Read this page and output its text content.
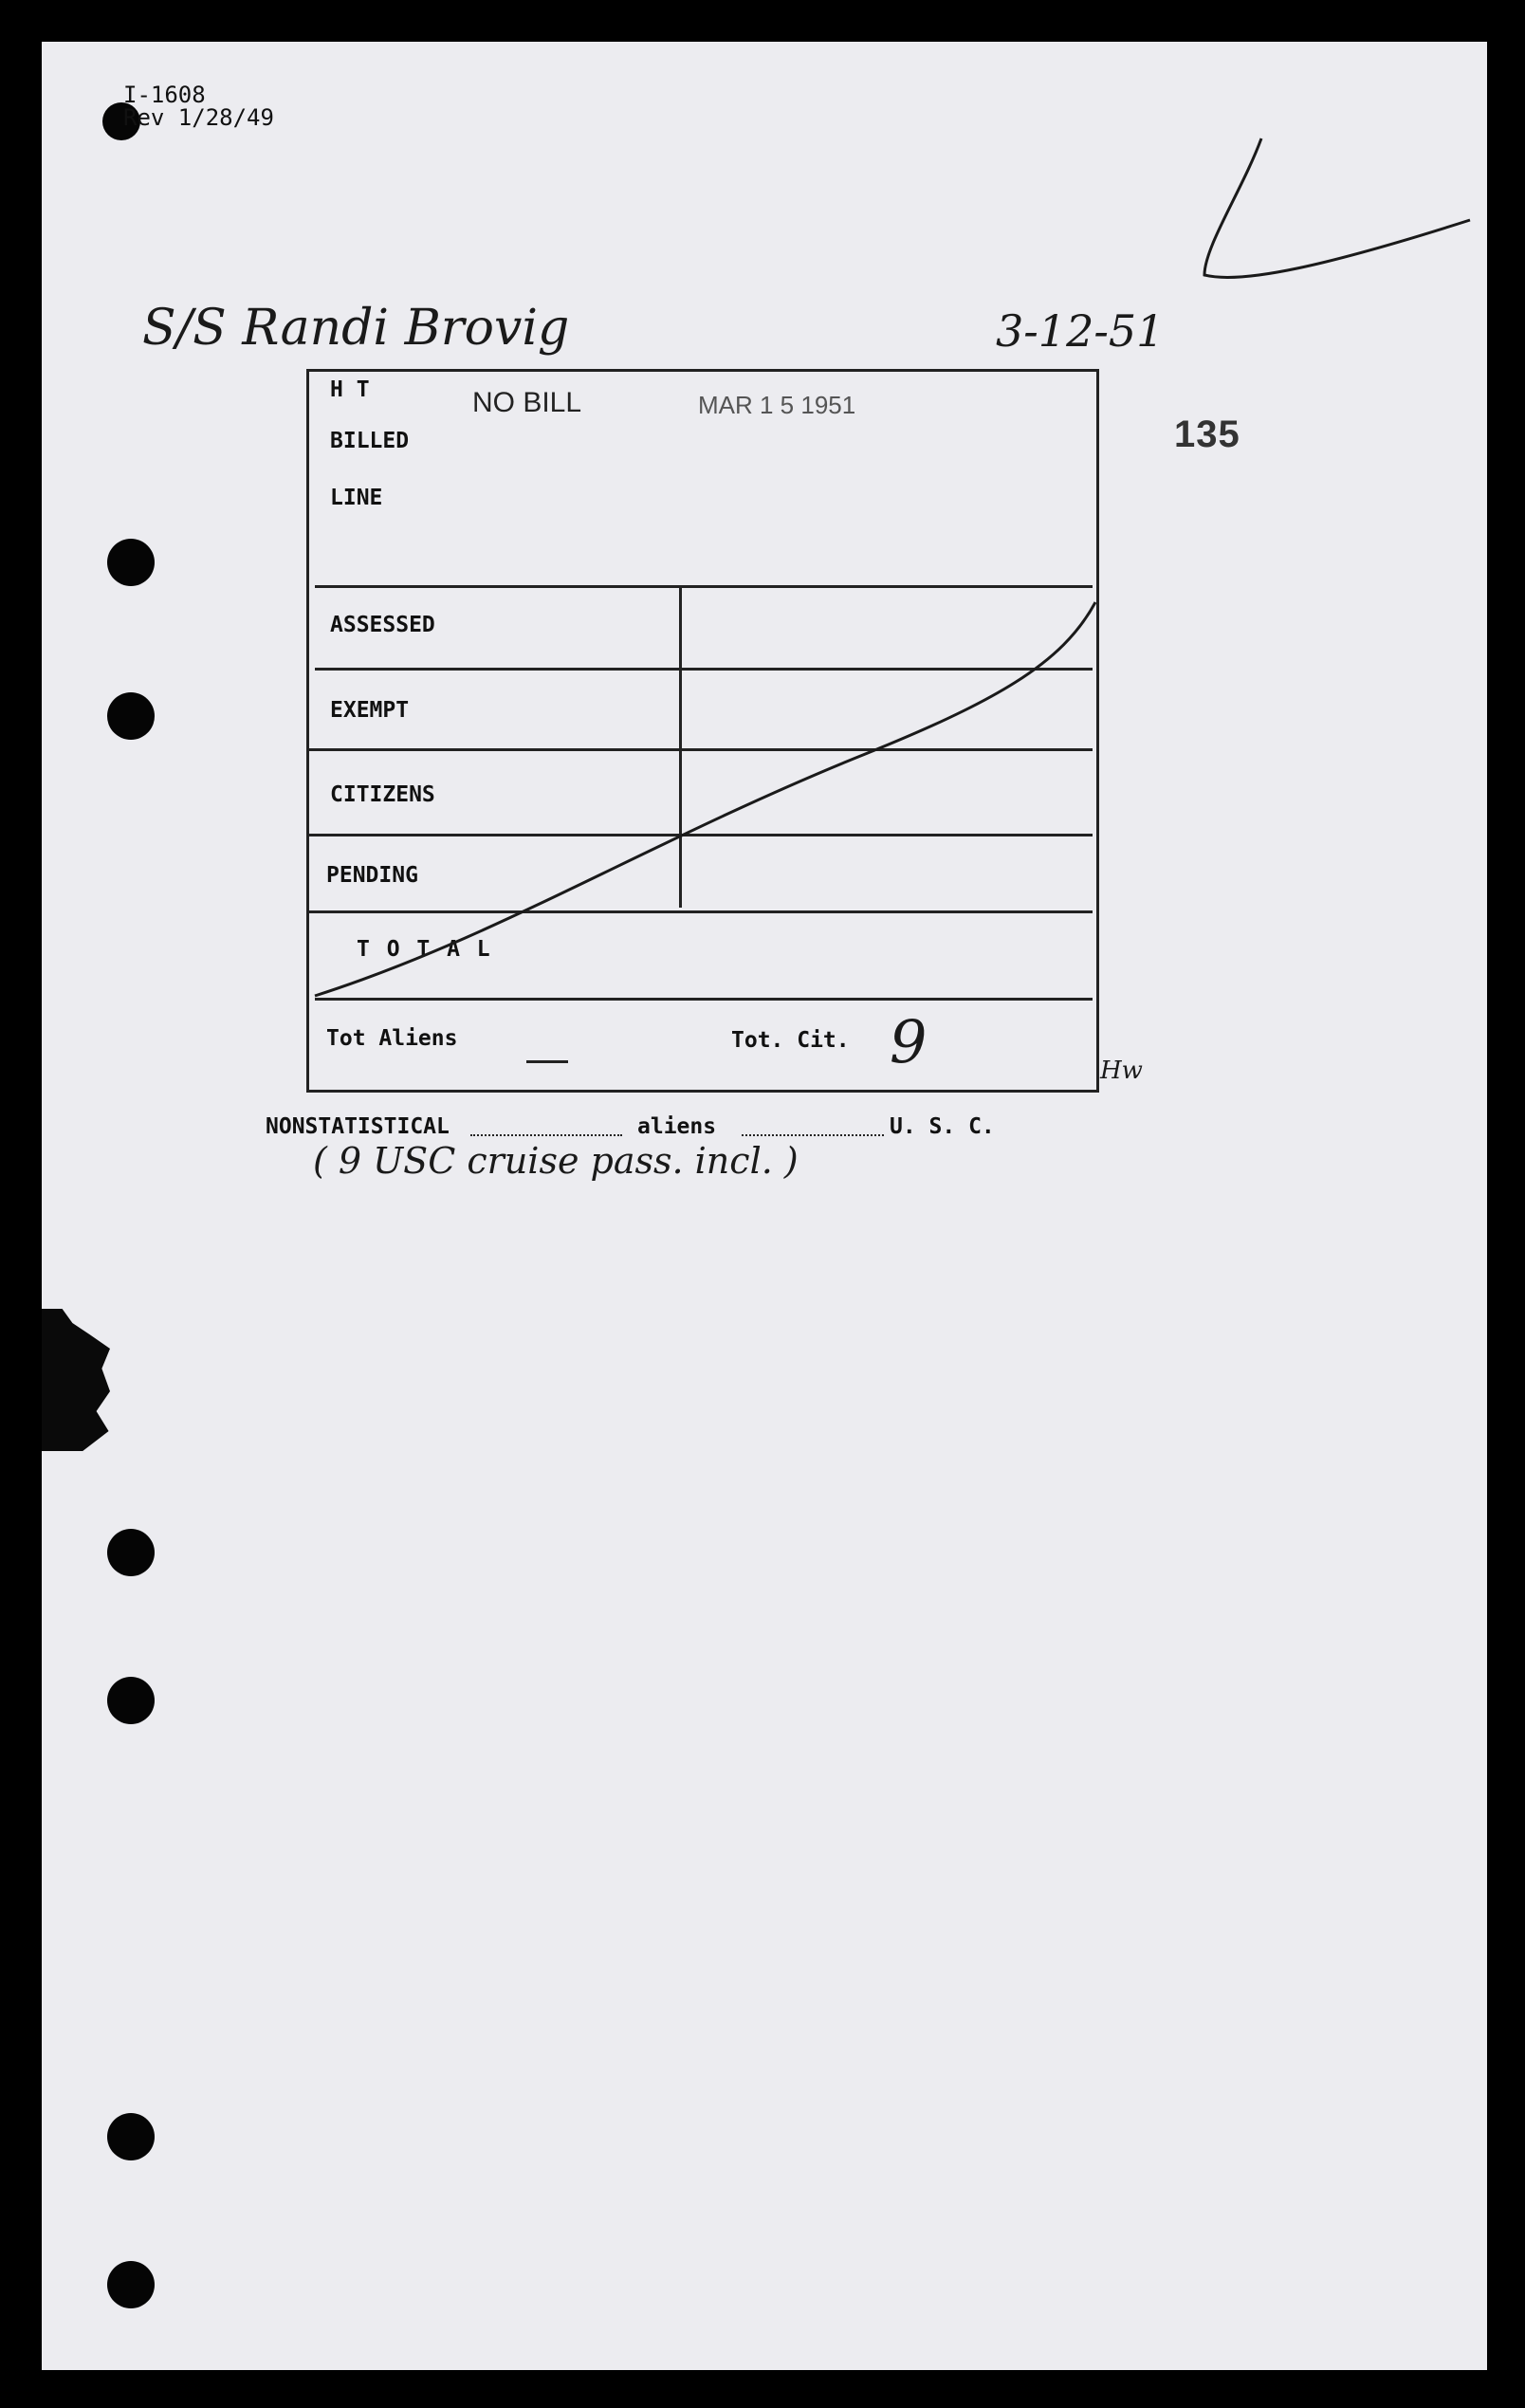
I-1608
Rev 1/28/49
S/S Randi Brovig	3-12-51
135
H T	NO BILL	MAR 1 5 1951
BILLED
LINE
ASSESSED
EXEMPT
CITIZENS
PENDING
T O T A L
Tot Aliens	Tot. Cit. 9	Hw
NONSTATISTICAL	aliens	U. S. C.
( 9 USC cruise pass. incl. )
